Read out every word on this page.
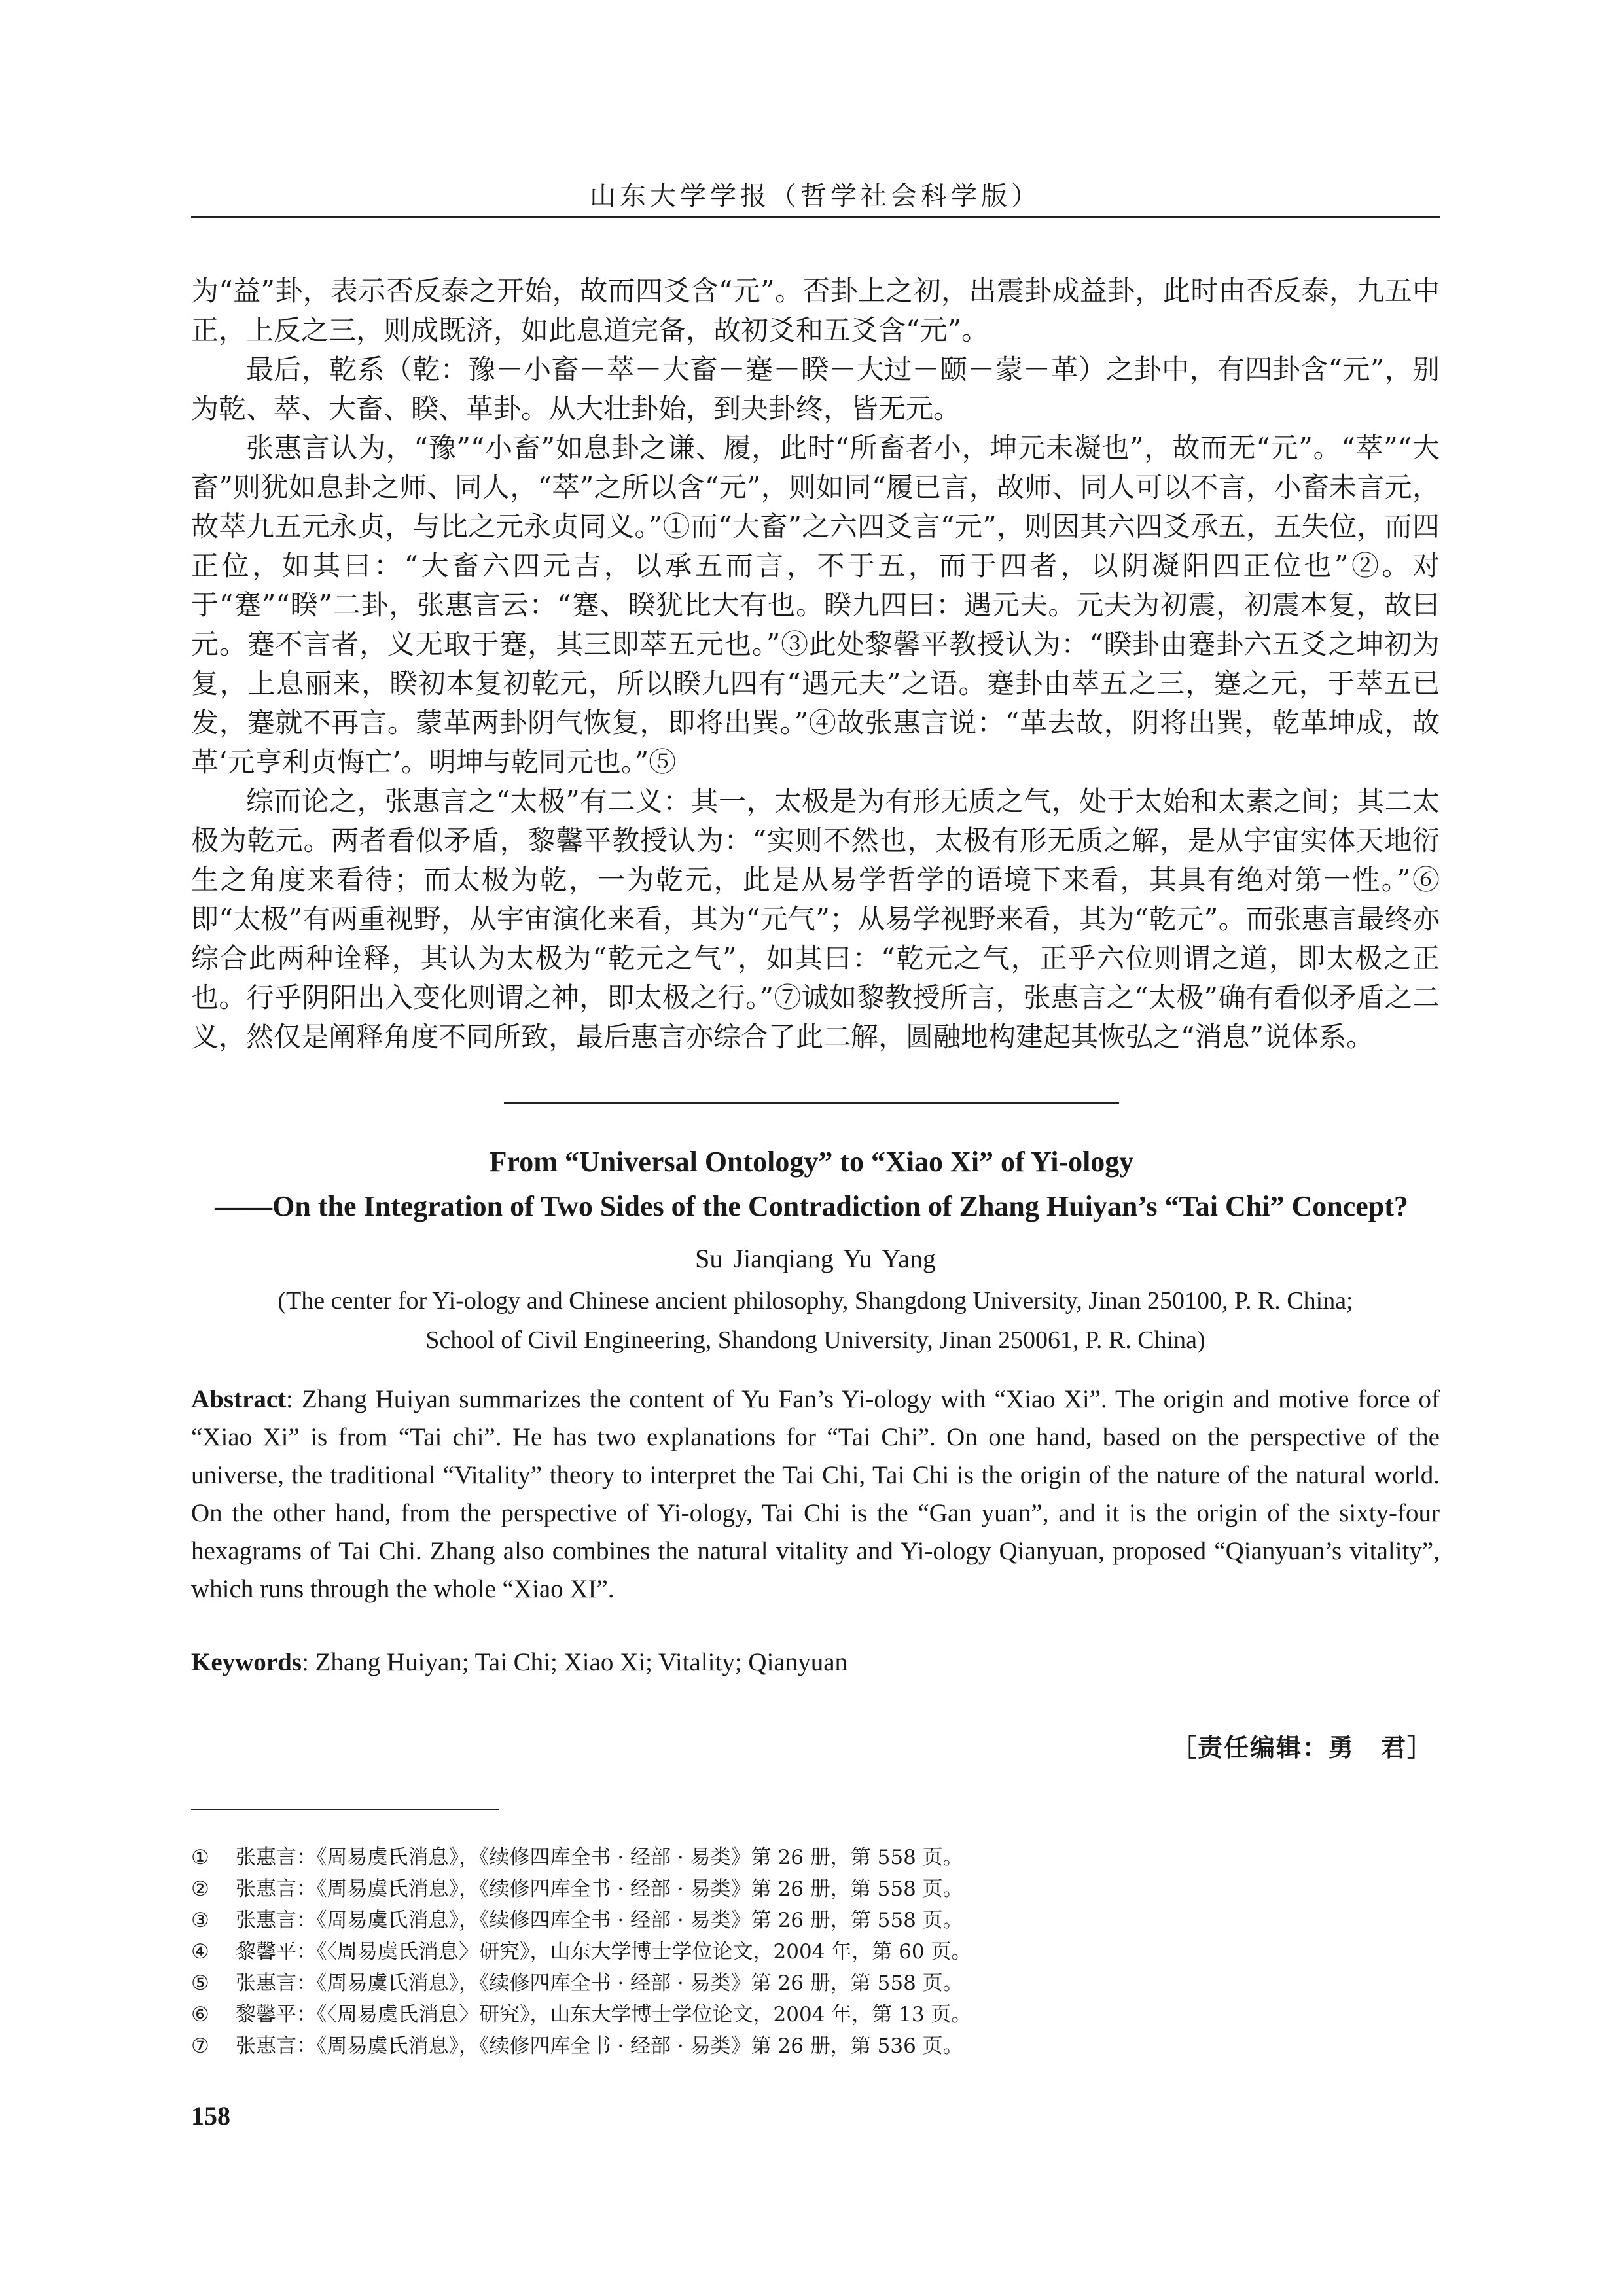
山东大学学报（哲学社会科学版）

为“益”卦，表示否反泰之开始，故而四爻含“元”。否卦上之初，出震卦成益卦，此时由否反泰，九五中正，上反之三，则成既济，如此息道完备，故初爻和五爻含“元”。

最后，乾系（乾：豫－小畜－萃－大畜－蹇－睽－大过－颐－蒙－革）之卦中，有四卦含“元”，别为乾、萃、大畜、睽、革卦。从大壮卦始，到夬卦终，皆无元。

张惠言认为，“豫”“小畜”如息卦之谦、履，此时“所畜者小，坤元未凝也”，故而无“元”。“萃”“大畜”则犹如息卦之师、同人，“萃”之所以含“元”，则如同“履已言，故师、同人可以不言，小畜未言元，故萃九五元永贞，与比之元永贞同义。”①而“大畜”之六四爻言“元”，则因其六四爻承五，五失位，而四正位，如其曰：“大畜六四元吉，以承五而言，不于五，而于四者，以阴凝阳四正位也”②。对于“蹇”“睽”二卦，张惠言云：“蹇、睽犹比大有也。睽九四曰：遇元夫。元夫为初震，初震本复，故曰元。蹇不言者，义无取于蹇，其三即萃五元也。”③此处黎馨平教授认为：“睽卦由蹇卦六五爻之坤初为复，上息丽来，睽初本复初乾元，所以睽九四有“遇元夫”之语。蹇卦由萃五之三，蹇之元，于萃五已发，蹇就不再言。蒙革两卦阴气恢复，即将出巽。”④故张惠言说：“革去故，阴将出巽，乾革坤成，故革‘元亨利贞悔亡’。明坤与乾同元也。”⑤

综而论之，张惠言之“太极”有二义：其一，太极是为有形无质之气，处于太始和太素之间；其二太极为乾元。两者看似矛盾，黎馨平教授认为：“实则不然也，太极有形无质之解，是从宇宙实体天地衍生之角度来看待；而太极为乾，一为乾元，此是从易学哲学的语境下来看，其具有绝对第一性。”⑥即“太极”有两重视野，从宇宙演化来看，其为“元气”；从易学视野来看，其为“乾元”。而张惠言最终亦综合此两种诠释，其认为太极为“乾元之气”，如其曰：“乾元之气，正乎六位则谓之道，即太极之正也。行乎阴阳出入变化则谓之神，即太极之行。”⑦诚如黎教授所言，张惠言之“太极”确有看似矛盾之二义，然仅是阐释角度不同所致，最后惠言亦综合了此二解，圆融地构建起其恢弘之“消息”说体系。

From “Universal Ontology” to “Xiao Xi” of Yi-ology
——On the Integration of Two Sides of the Contradiction of Zhang Huiyan’s “Tai Chi” Concept?
Su Jianqiang Yu Yang
(The center for Yi-ology and Chinese ancient philosophy, Shangdong University, Jinan 250100, P. R. China;
School of Civil Engineering, Shandong University, Jinan 250061, P. R. China)
Abstract: Zhang Huiyan summarizes the content of Yu Fan’s Yi-ology with “Xiao Xi”. The origin and motive force of “Xiao Xi” is from “Tai chi”. He has two explanations for “Tai Chi”. On one hand, based on the perspective of the universe, the traditional “Vitality” theory to interpret the Tai Chi, Tai Chi is the origin of the nature of the natural world. On the other hand, from the perspective of Yi-ology, Tai Chi is the “Gan yuan”, and it is the origin of the sixty-four hexagrams of Tai Chi. Zhang also combines the natural vitality and Yi-ology Qianyuan, proposed “Qianyuan’s vitality”, which runs through the whole “Xiao XI”.
Keywords: Zhang Huiyan; Tai Chi; Xiao Xi; Vitality; Qianyuan
［责任编辑：勇　君］
①	张惠言：《周易虞氏消息》，《续修四库全书 · 经部 · 易类》第 26 册，第 558 页。
②	张惠言：《周易虞氏消息》，《续修四库全书 · 经部 · 易类》第 26 册，第 558 页。
③	张惠言：《周易虞氏消息》，《续修四库全书 · 经部 · 易类》第 26 册，第 558 页。
④	黎馨平：《〈周易虞氏消息〉研究》，山东大学博士学位论文，2004 年，第 60 页。
⑤	张惠言：《周易虞氏消息》，《续修四库全书 · 经部 · 易类》第 26 册，第 558 页。
⑥	黎馨平：《〈周易虞氏消息〉研究》，山东大学博士学位论文，2004 年，第 13 页。
⑦	张惠言：《周易虞氏消息》，《续修四库全书 · 经部 · 易类》第 26 册，第 536 页。
158
